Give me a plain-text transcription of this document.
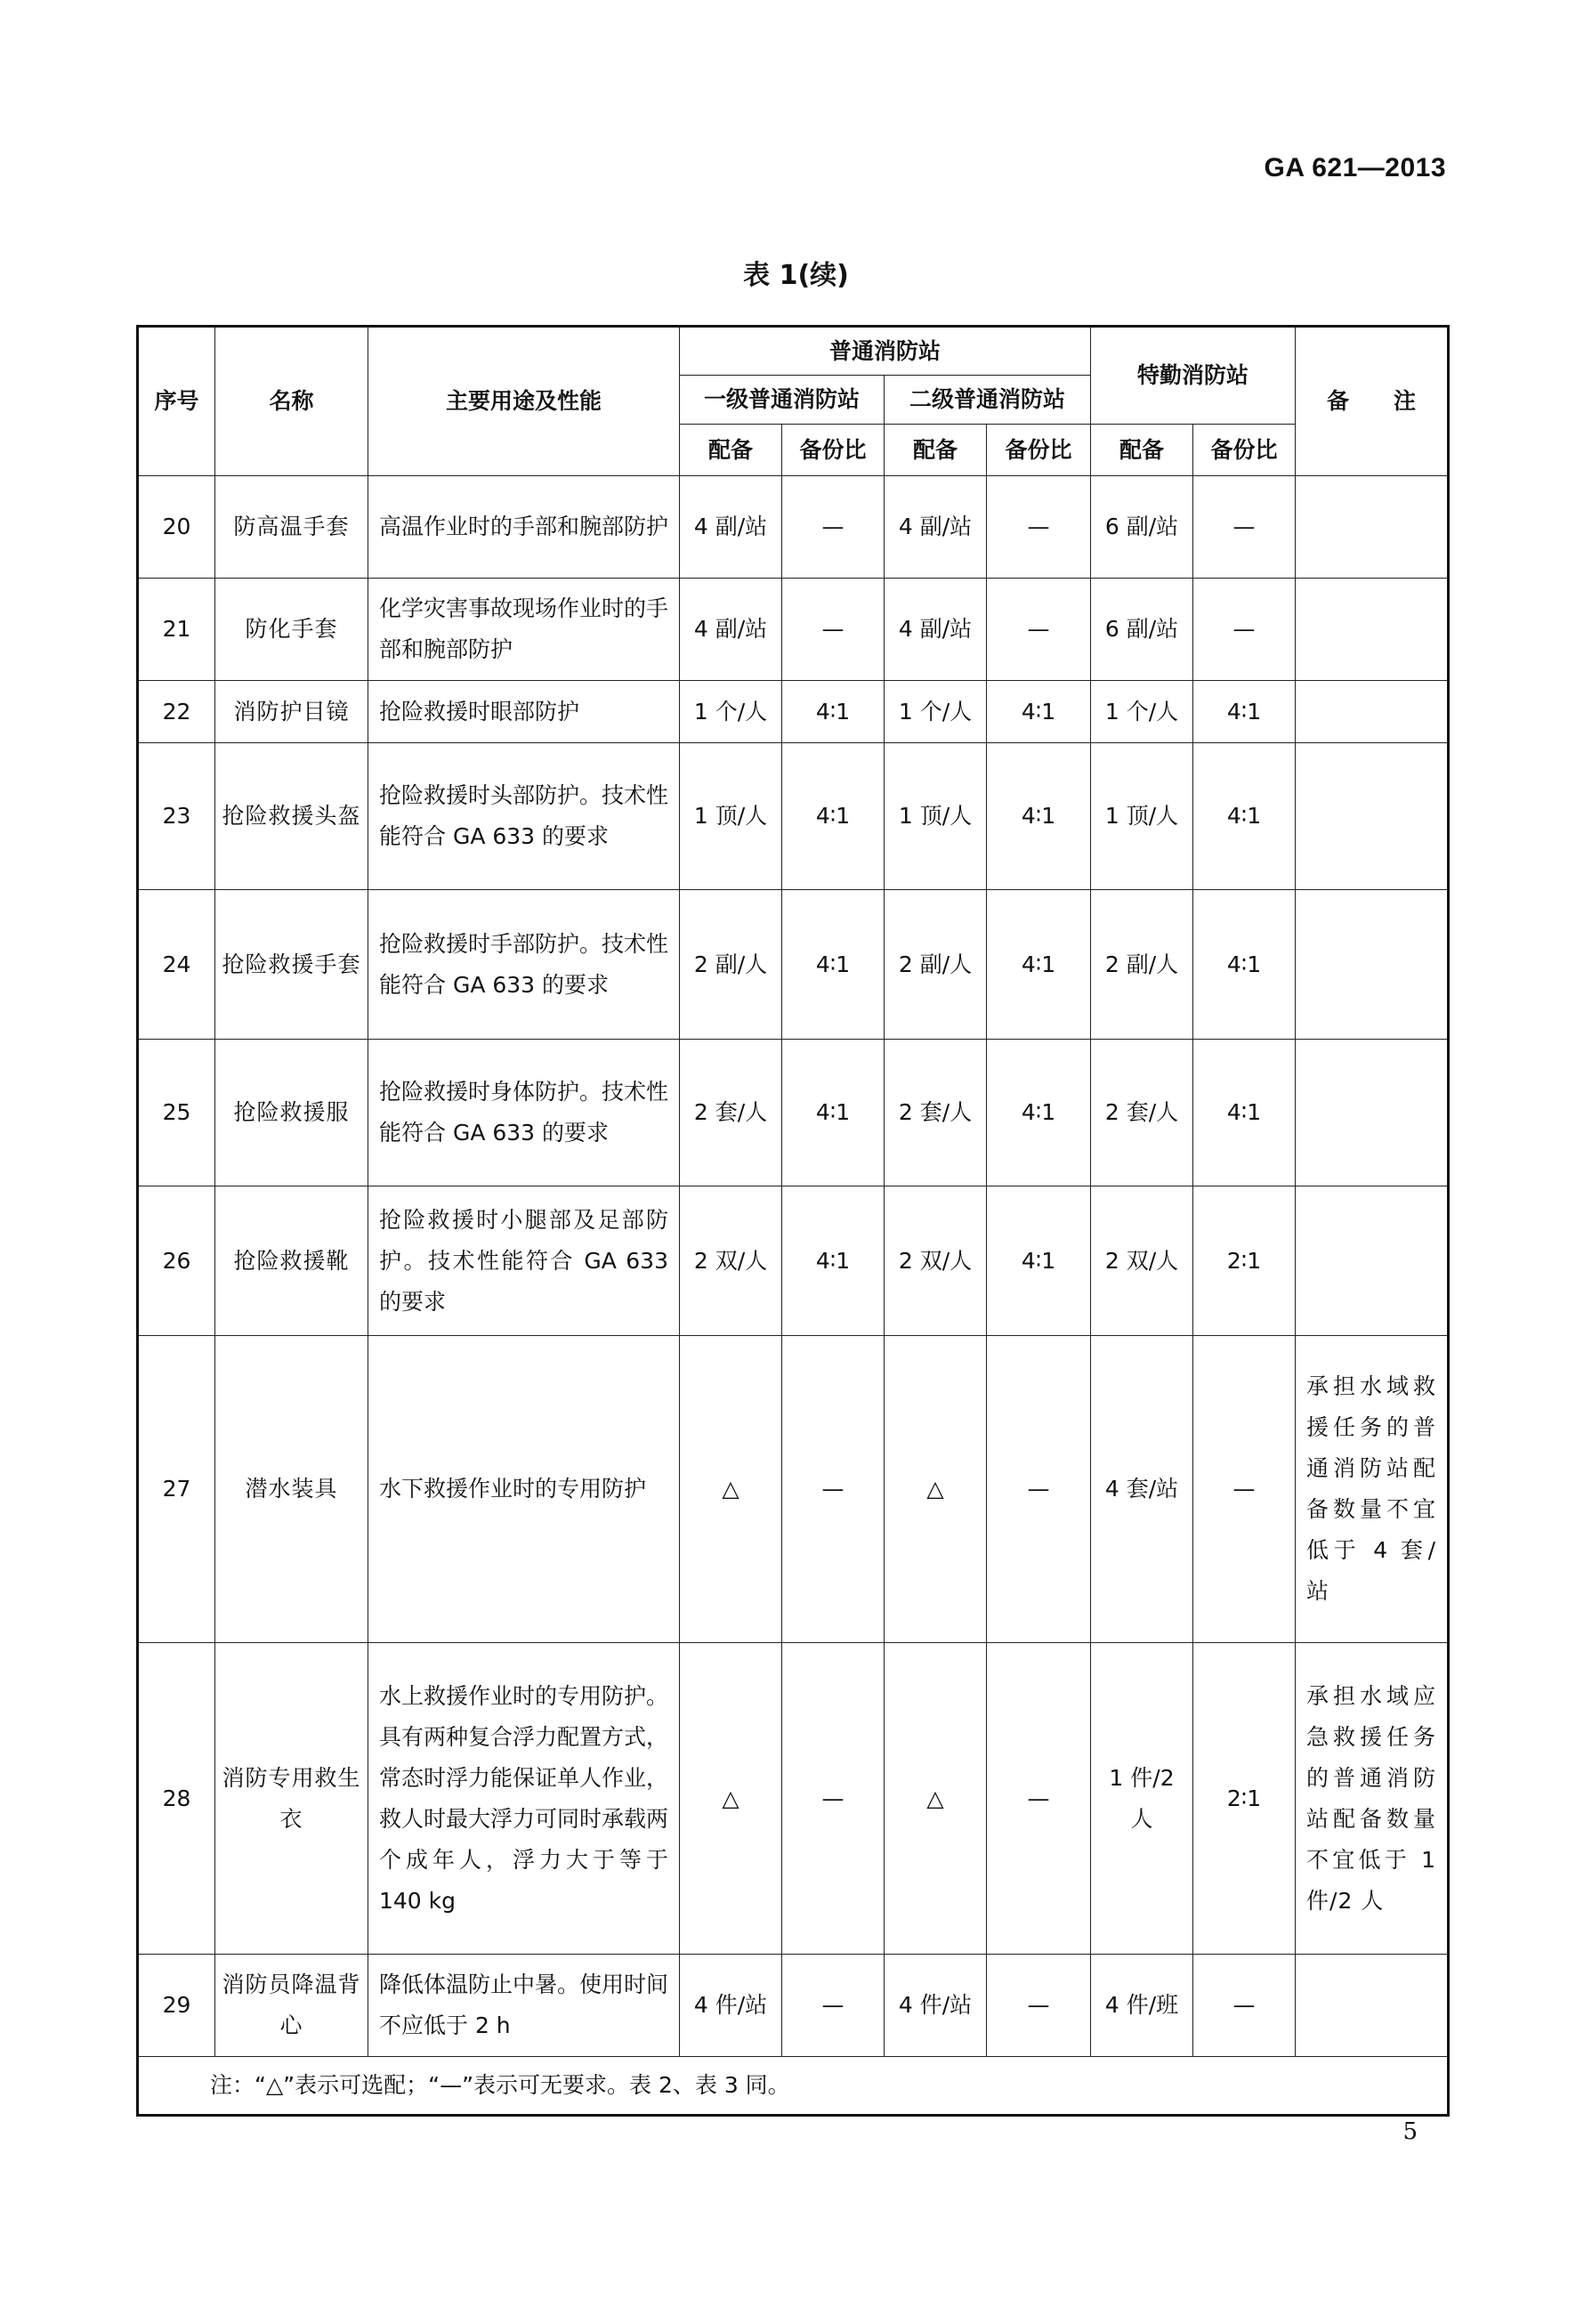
GA 621—2013
表 1(续)
序号	名称	主要用途及性能	普通消防站				特勤消防站		备　　注
			一级普通消防站		二级普通消防站				
			配备	备份比	配备	备份比	配备	备份比	
20	防高温手套	高温作业时的手部和腕部防护	4 副/站	—	4 副/站	—	6 副/站	—	
21	防化手套	化学灾害事故现场作业时的手部和腕部防护	4 副/站	—	4 副/站	—	6 副/站	—	
22	消防护目镜	抢险救援时眼部防护	1 个/人	4∶1	1 个/人	4∶1	1 个/人	4∶1	
23	抢险救援头盔	抢险救援时头部防护。技术性能符合 GA 633 的要求	1 顶/人	4∶1	1 顶/人	4∶1	1 顶/人	4∶1	
24	抢险救援手套	抢险救援时手部防护。技术性能符合 GA 633 的要求	2 副/人	4∶1	2 副/人	4∶1	2 副/人	4∶1	
25	抢险救援服	抢险救援时身体防护。技术性能符合 GA 633 的要求	2 套/人	4∶1	2 套/人	4∶1	2 套/人	4∶1	
26	抢险救援靴	抢险救援时小腿部及足部防护。技术性能符合 GA 633 的要求	2 双/人	4∶1	2 双/人	4∶1	2 双/人	2∶1	
27	潜水装具	水下救援作业时的专用防护	△	—	△	—	4 套/站	—	承担水域救援任务的普通消防站配备数量不宜低于 4 套/站
28	消防专用救生衣	水上救援作业时的专用防护。具有两种复合浮力配置方式，常态时浮力能保证单人作业，救人时最大浮力可同时承载两个成年人，浮力大于等于 140 kg	△	—	△	—	1 件/2 人	2∶1	承担水域应急救援任务的普通消防站配备数量不宜低于 1 件/2 人
29	消防员降温背心	降低体温防止中暑。使用时间不应低于 2 h	4 件/站	—	4 件/站	—	4 件/班	—	
注：“△”表示可选配；“—”表示可无要求。表 2、表 3 同。									
5
